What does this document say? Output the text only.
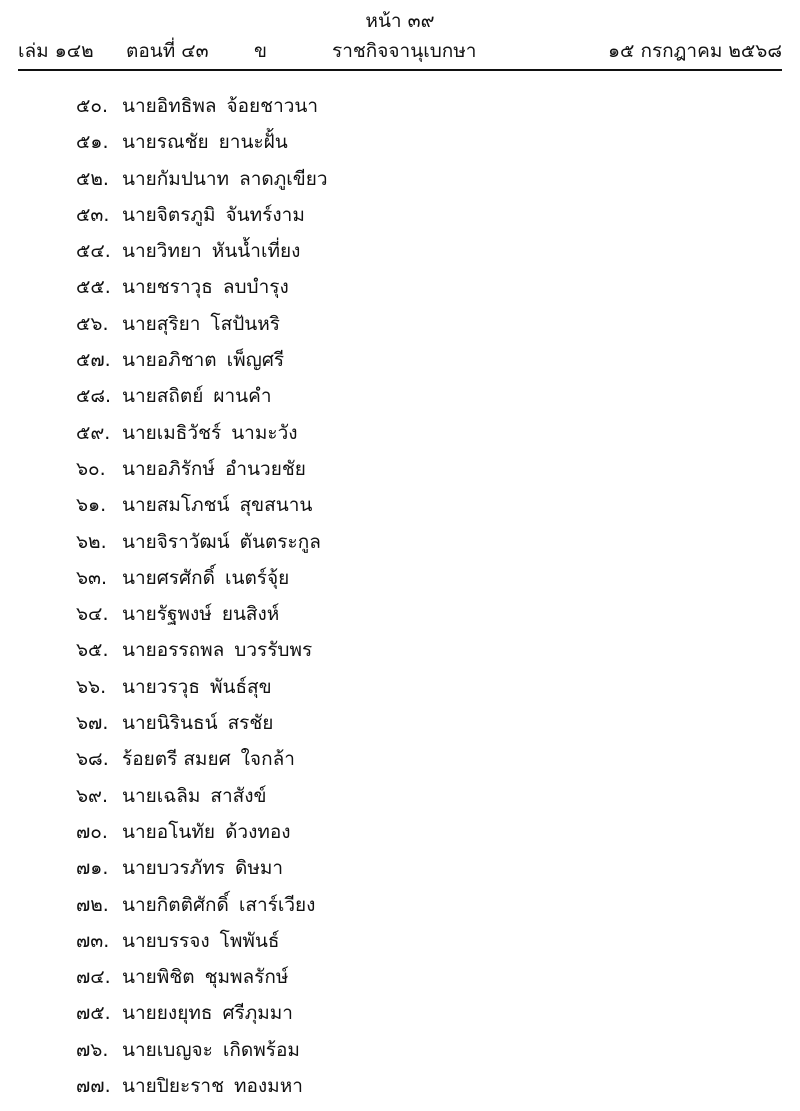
หน้า ๓๙
เล่ม ๑๔๒ ตอนที่ ๔๓ ข	ราชกิจจานุเบกษา	๑๕ กรกฎาคม ๒๕๖๘
๕๐. นายอิทธิพล จ้อยชาวนา
๕๑. นายรณชัย ยานะฝั้น
๕๒. นายกัมปนาท ลาดภูเขียว
๕๓. นายจิตรภูมิ จันทร์งาม
๕๔. นายวิทยา หันน้ำเที่ยง
๕๕. นายชราวุธ ลบบำรุง
๕๖. นายสุริยา โสปันหริ
๕๗. นายอภิชาต เพ็ญศรี
๕๘. นายสถิตย์ ผานคำ
๕๙. นายเมธิวัชร์ นามะวัง
๖๐. นายอภิรักษ์ อำนวยชัย
๖๑. นายสมโภชน์ สุขสนาน
๖๒. นายจิราวัฒน์ ตันตระกูล
๖๓. นายศรศักดิ์ เนตร์จุ้ย
๖๔. นายรัฐพงษ์ ยนสิงห์
๖๕. นายอรรถพล บวรรับพร
๖๖. นายวรวุธ พันธ์สุข
๖๗. นายนิรินธน์ สรชัย
๖๘. ร้อยตรี สมยศ ใจกล้า
๖๙. นายเฉลิม สาสังข์
๗๐. นายอโนทัย ด้วงทอง
๗๑. นายบวรภัทร ดิษมา
๗๒. นายกิตติศักดิ์ เสาร์เวียง
๗๓. นายบรรจง โพพันธ์
๗๔. นายพิชิต ชุมพลรักษ์
๗๕. นายยงยุทธ ศรีภุมมา
๗๖. นายเบญจะ เกิดพร้อม
๗๗. นายปิยะราช ทองมหา
